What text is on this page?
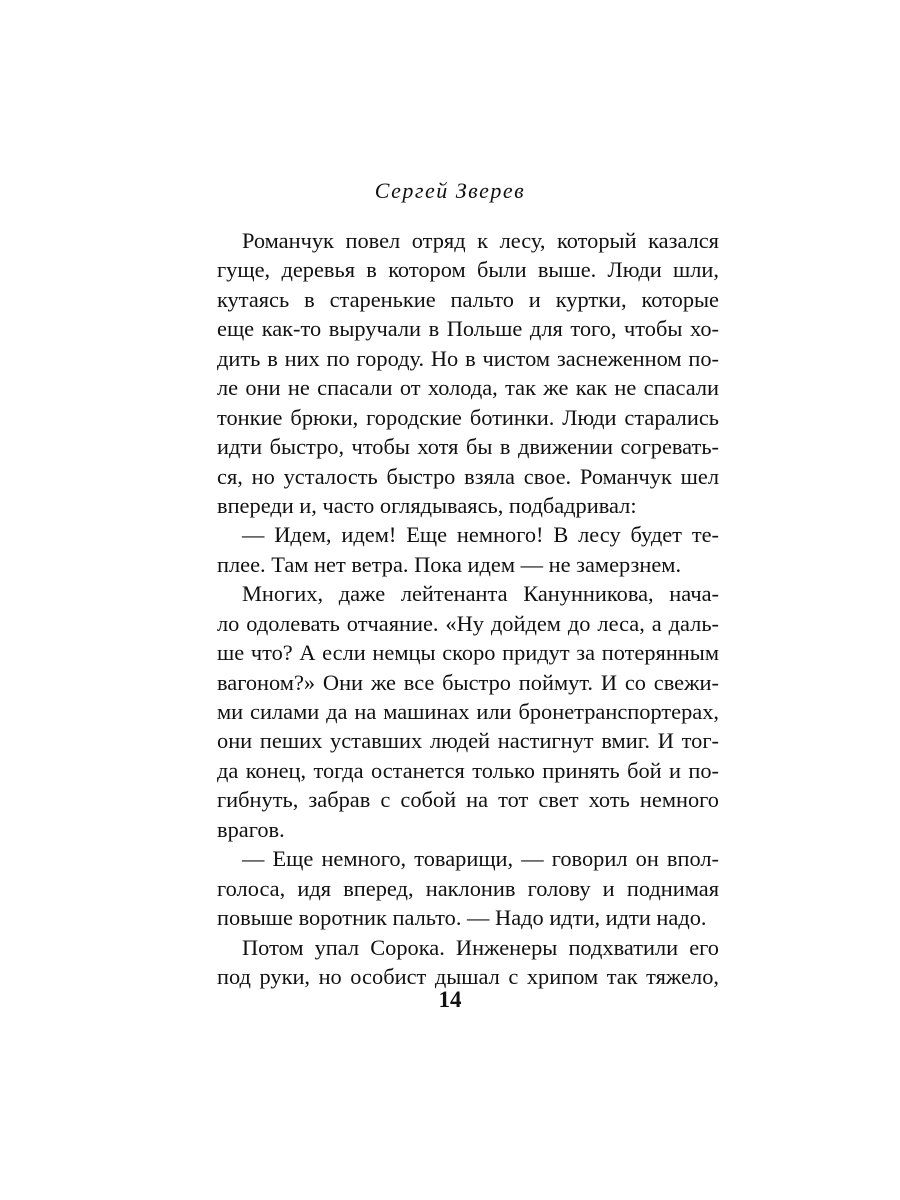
Сергей Зверев
Романчук повел отряд к лесу, который казался
гуще, деревья в котором были выше. Люди шли,
кутаясь в старенькие пальто и куртки, которые
еще как-то выручали в Польше для того, чтобы хо-
дить в них по городу. Но в чистом заснеженном по-
ле они не спасали от холода, так же как не спасали
тонкие брюки, городские ботинки. Люди старались
идти быстро, чтобы хотя бы в движении согревать-
ся, но усталость быстро взяла свое. Романчук шел
впереди и, часто оглядываясь, подбадривал:
— Идем, идем! Еще немного! В лесу будет те-
плее. Там нет ветра. Пока идем — не замерзнем.
Многих, даже лейтенанта Канунникова, нача-
ло одолевать отчаяние. «Ну дойдем до леса, а даль-
ше что? А если немцы скоро придут за потерянным
вагоном?» Они же все быстро поймут. И со свежи-
ми силами да на машинах или бронетранспортерах,
они пеших уставших людей настигнут вмиг. И тог-
да конец, тогда останется только принять бой и по-
гибнуть, забрав с собой на тот свет хоть немного
врагов.
— Еще немного, товарищи, — говорил он впол-
голоса, идя вперед, наклонив голову и поднимая
повыше воротник пальто. — Надо идти, идти надо.
Потом упал Сорока. Инженеры подхватили его
под руки, но особист дышал с хрипом так тяжело,
14
